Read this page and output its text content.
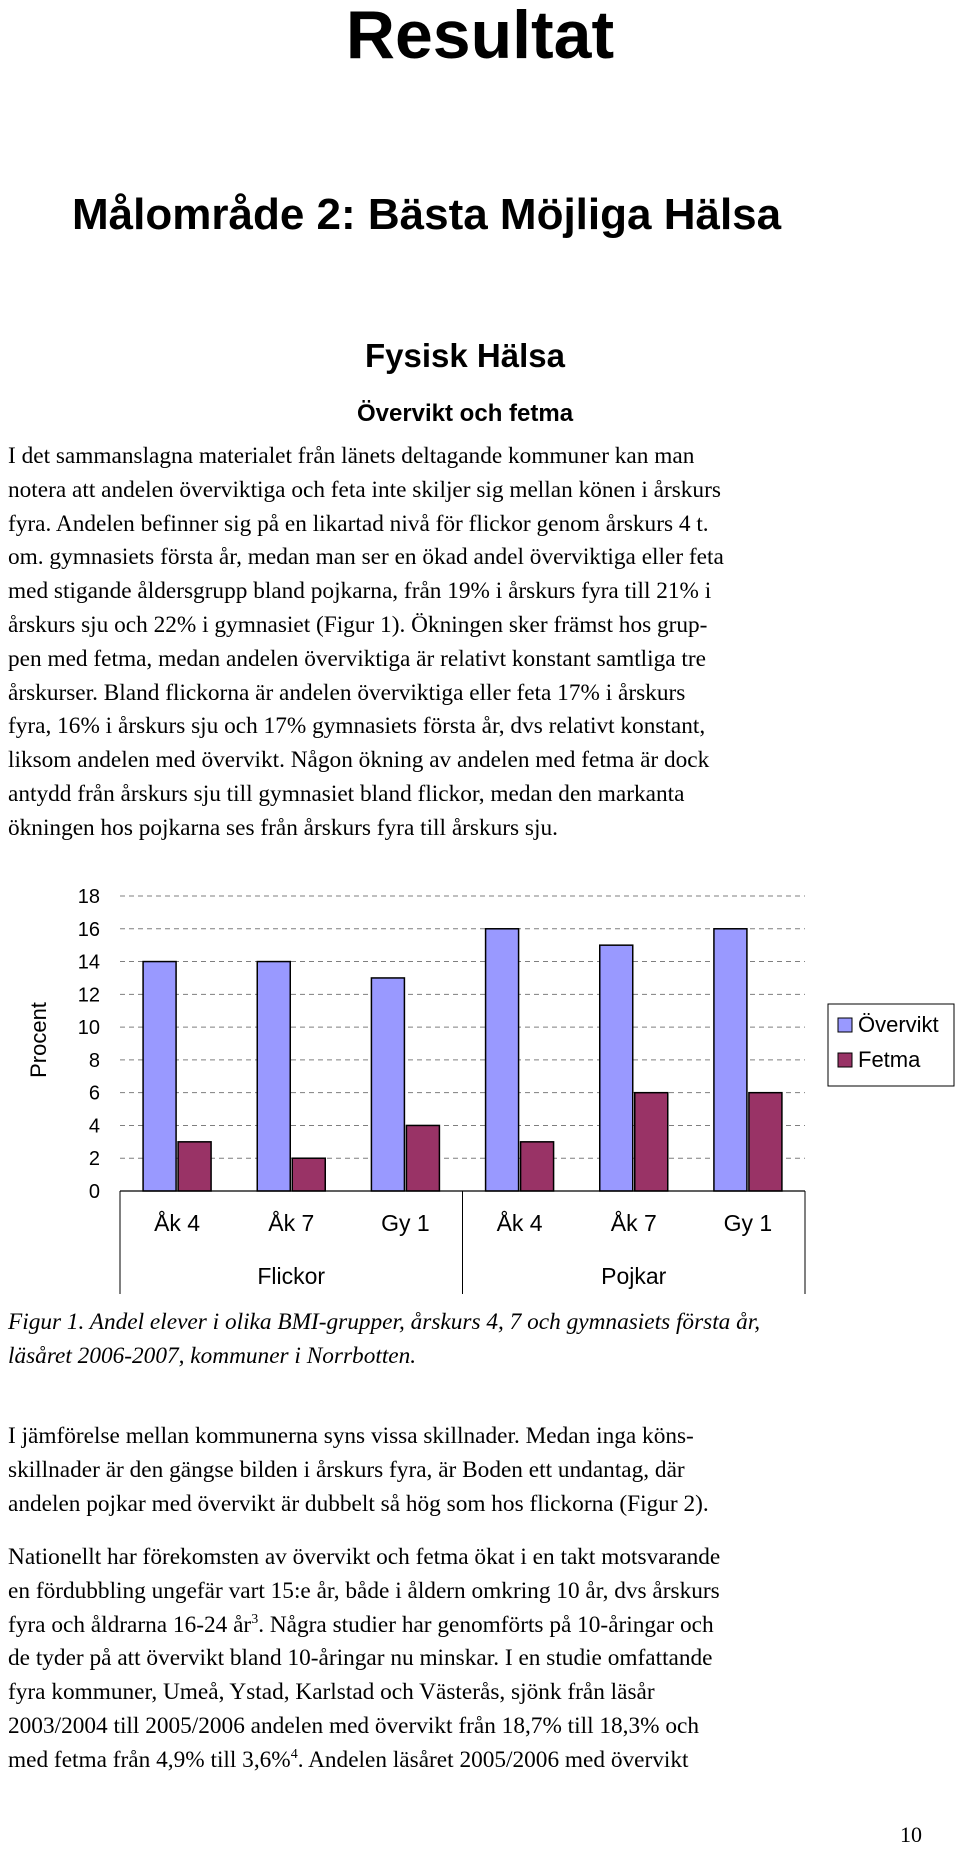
Resultat
Målområde 2: Bästa Möjliga Hälsa
Fysisk Hälsa
Övervikt och fetma
I det sammanslagna materialet från länets deltagande kommuner kan man
notera att andelen överviktiga och feta inte skiljer sig mellan könen i årskurs
fyra. Andelen befinner sig på en likartad nivå för flickor genom årskurs 4 t.
om. gymnasiets första år, medan man ser en ökad andel överviktiga eller feta
med stigande åldersgrupp bland pojkarna, från 19% i årskurs fyra till 21% i
årskurs sju och 22% i gymnasiet (Figur 1). Ökningen sker främst hos grup-
pen med fetma, medan andelen överviktiga är relativt konstant samtliga tre
årskurser. Bland flickorna är andelen överviktiga eller feta 17% i årskurs
fyra, 16% i årskurs sju och 17% gymnasiets första år, dvs relativt konstant,
liksom andelen med övervikt. Någon ökning av andelen med fetma är dock
antydd från årskurs sju till gymnasiet bland flickor, medan den markanta
ökningen hos pojkarna ses från årskurs fyra till årskurs sju.
0
2
4
6
8
10
12
14
16
18
Procent
Flickor	Pojkar
Åk 4	Åk 7	Gy 1	Åk 4	Åk 7	Gy 1
Övervikt
Fetma
Figur 1. Andel elever i olika BMI-grupper, årskurs 4, 7 och gymnasiets första år,
läsåret 2006-2007, kommuner i Norrbotten.
I jämförelse mellan kommunerna syns vissa skillnader. Medan inga köns-
skillnader är den gängse bilden i årskurs fyra, är Boden ett undantag, där
andelen pojkar med övervikt är dubbelt så hög som hos flickorna (Figur 2).
Nationellt har förekomsten av övervikt och fetma ökat i en takt motsvarande
en fördubbling ungefär vart 15:e år, både i åldern omkring 10 år, dvs årskurs
fyra och åldrarna 16-24 $år^3$. Några studier har genomförts på 10-åringar och
de tyder på att övervikt bland 10-åringar nu minskar. I en studie omfattande
fyra kommuner, Umeå, Ystad, Karlstad och Västerås, sjönk från läsår
2003/2004 till 2005/2006 andelen med övervikt från 18,7% till 18,3% och
med fetma från 4,9% till 3,6%$^4$. Andelen läsåret 2005/2006 med övervikt
10
